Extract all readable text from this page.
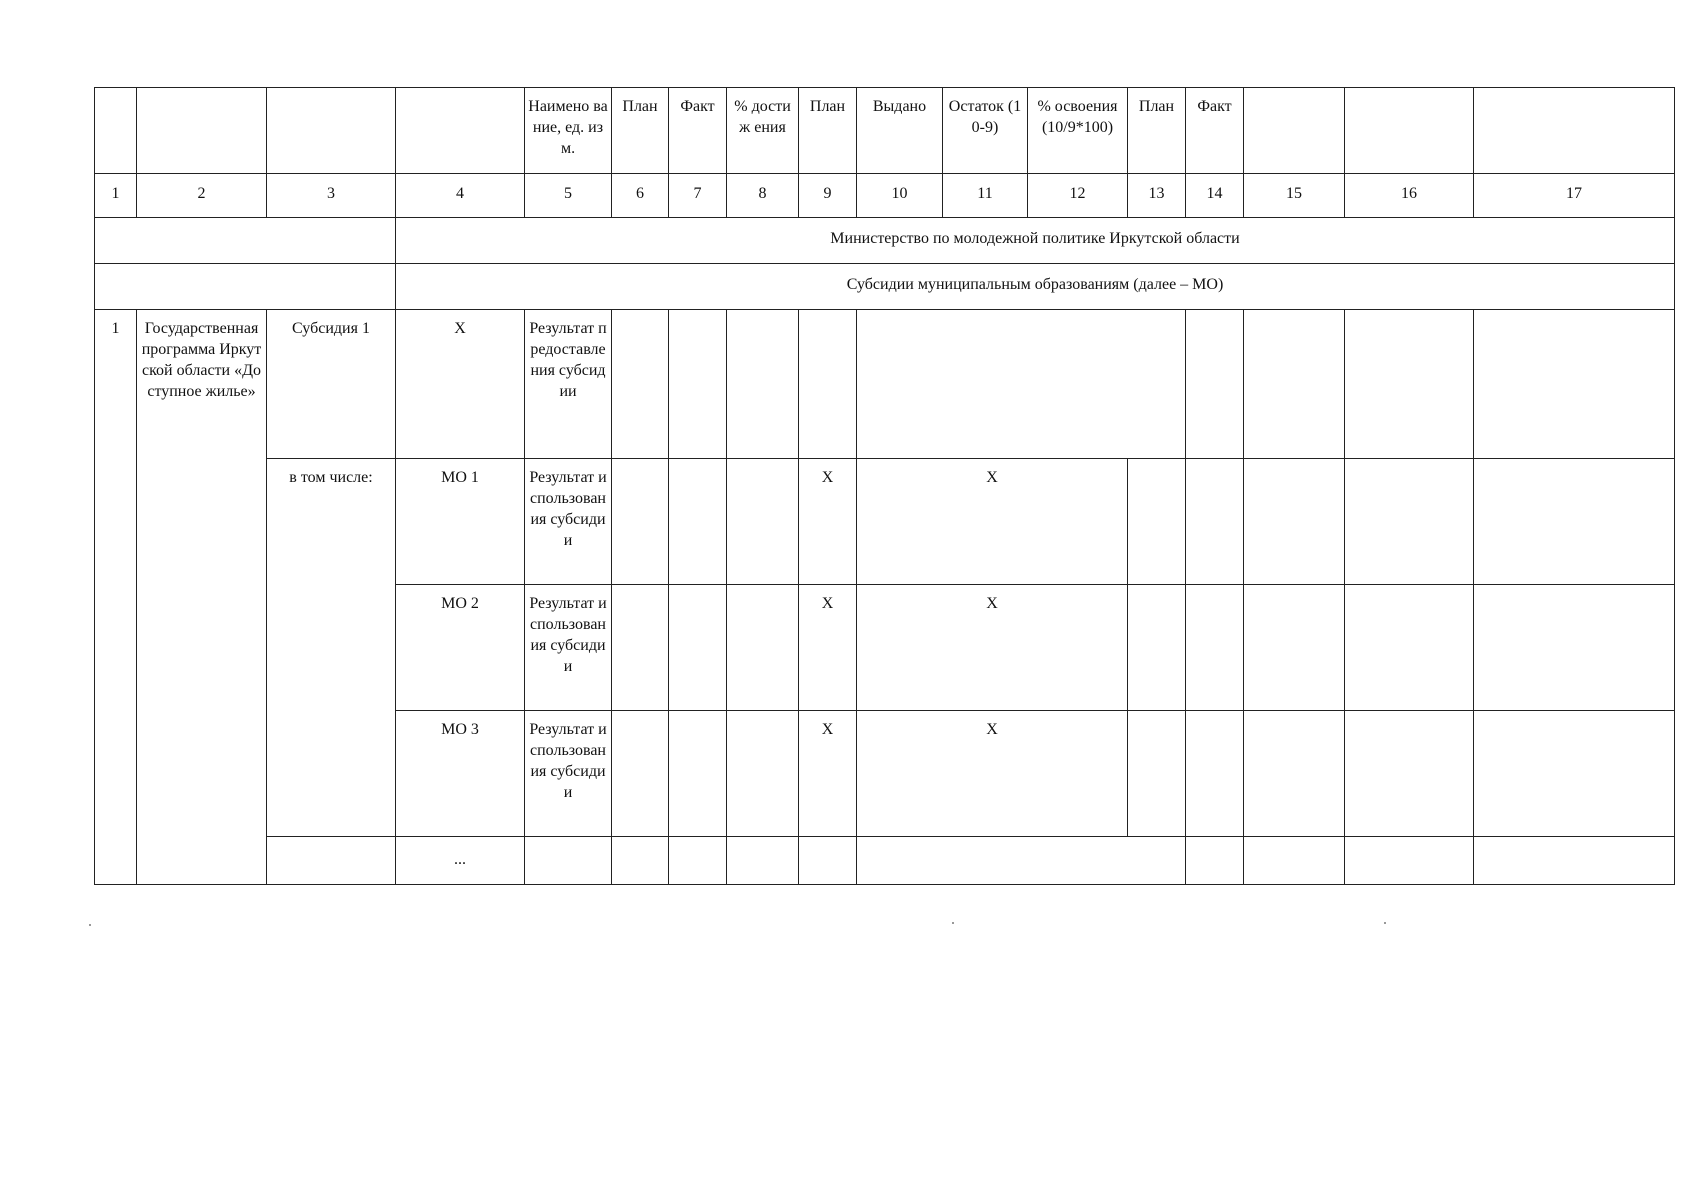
				Наимено вание, ед. изм.	План	Факт	% достиж ения	План	Выдано	Остаток (10-9)	% освоения (10/9*100)	План	Факт			
1	2	3	4	5	6	7	8	9	10	11	12	13	14	15	16	17
			Министерство по молодежной политике Иркутской области													
			Субсидии муниципальным образованиям (далее – МО)													
1	Государственная программа Иркутской области «Доступное жилье»	Субсидия 1	X	Результат предоставления субсидии												
		в том числе:	МО 1	Результат использования субсидии				X	X							
			МО 2	Результат использования субсидии				X	X							
			МО 3	Результат использования субсидии				X	X							
			...													
